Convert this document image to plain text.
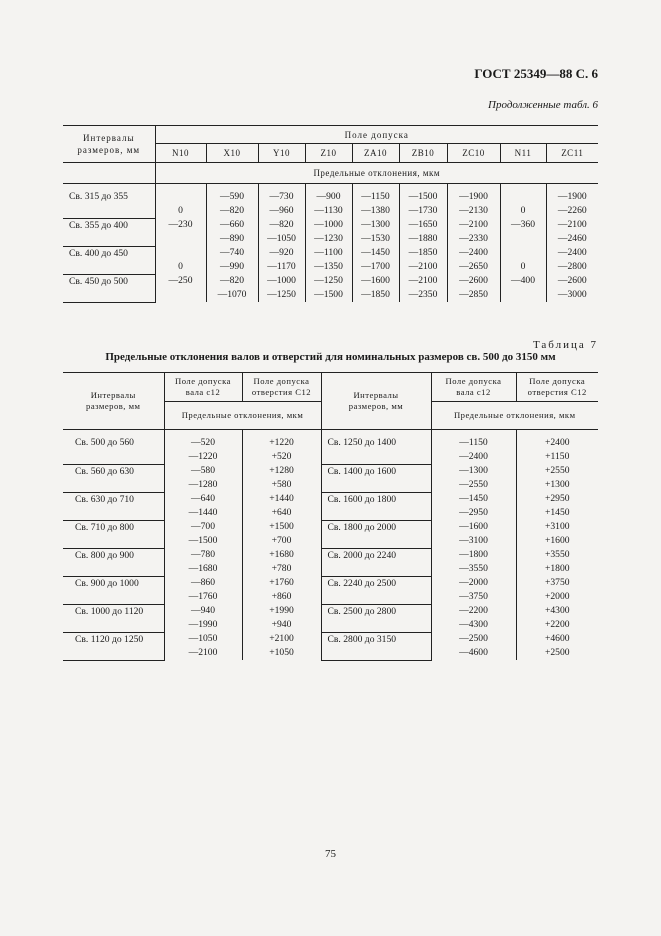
ГОСТ 25349—88 С. 6
Продолженные табл. 6
Интервалы
размеров, мм	Поле допуска								
	N10	X10	Y10	Z10	ZA10	ZB10	ZC10	N11	ZC11
	Предельные отклонения, мкм								

Св. 315 до 355		—590	—730	—900	—1150	—1500	—1900		—1900
	0	—820	—960	—1130	—1380	—1730	—2130	0	—2260
Св. 355 до 400	—230	—660	—820	—1000	—1300	—1650	—2100	—360	—2100
		—890	—1050	—1230	—1530	—1880	—2330		—2460
Св. 400 до 450		—740	—920	—1100	—1450	—1850	—2400		—2400
	0	—990	—1170	—1350	—1700	—2100	—2650	0	—2800
Св. 450 до 500	—250	—820	—1000	—1250	—1600	—2100	—2600	—400	—2600
		—1070	—1250	—1500	—1850	—2350	—2850		—3000
Таблица 7
Предельные отклонения валов и отверстий для номинальных размеров св. 500 до 3150 мм
Интервалы
размеров, мм	Поле допуска
вала с12	Поле допуска
отверстия С12	Интервалы
размеров, мм	Поле допуска
вала с12	Поле допуска
отверстия С12
	Предельные отклонения, мкм			Предельные отклонения, мкм	

Св. 500 до 560	—520	+1220	Св. 1250 до 1400	—1150	+2400
	—1220	+520		—2400	+1150
Св. 560 до 630	—580	+1280	Св. 1400 до 1600	—1300	+2550
	—1280	+580		—2550	+1300
Св. 630 до 710	—640	+1440	Св. 1600 до 1800	—1450	+2950
	—1440	+640		—2950	+1450
Св. 710 до 800	—700	+1500	Св. 1800 до 2000	—1600	+3100
	—1500	+700		—3100	+1600
Св. 800 до 900	—780	+1680	Св. 2000 до 2240	—1800	+3550
	—1680	+780		—3550	+1800
Св. 900 до 1000	—860	+1760	Св. 2240 до 2500	—2000	+3750
	—1760	+860		—3750	+2000
Св. 1000 до 1120	—940	+1990	Св. 2500 до 2800	—2200	+4300
	—1990	+940		—4300	+2200
Св. 1120 до 1250	—1050	+2100	Св. 2800 до 3150	—2500	+4600
	—2100	+1050		—4600	+2500
75
